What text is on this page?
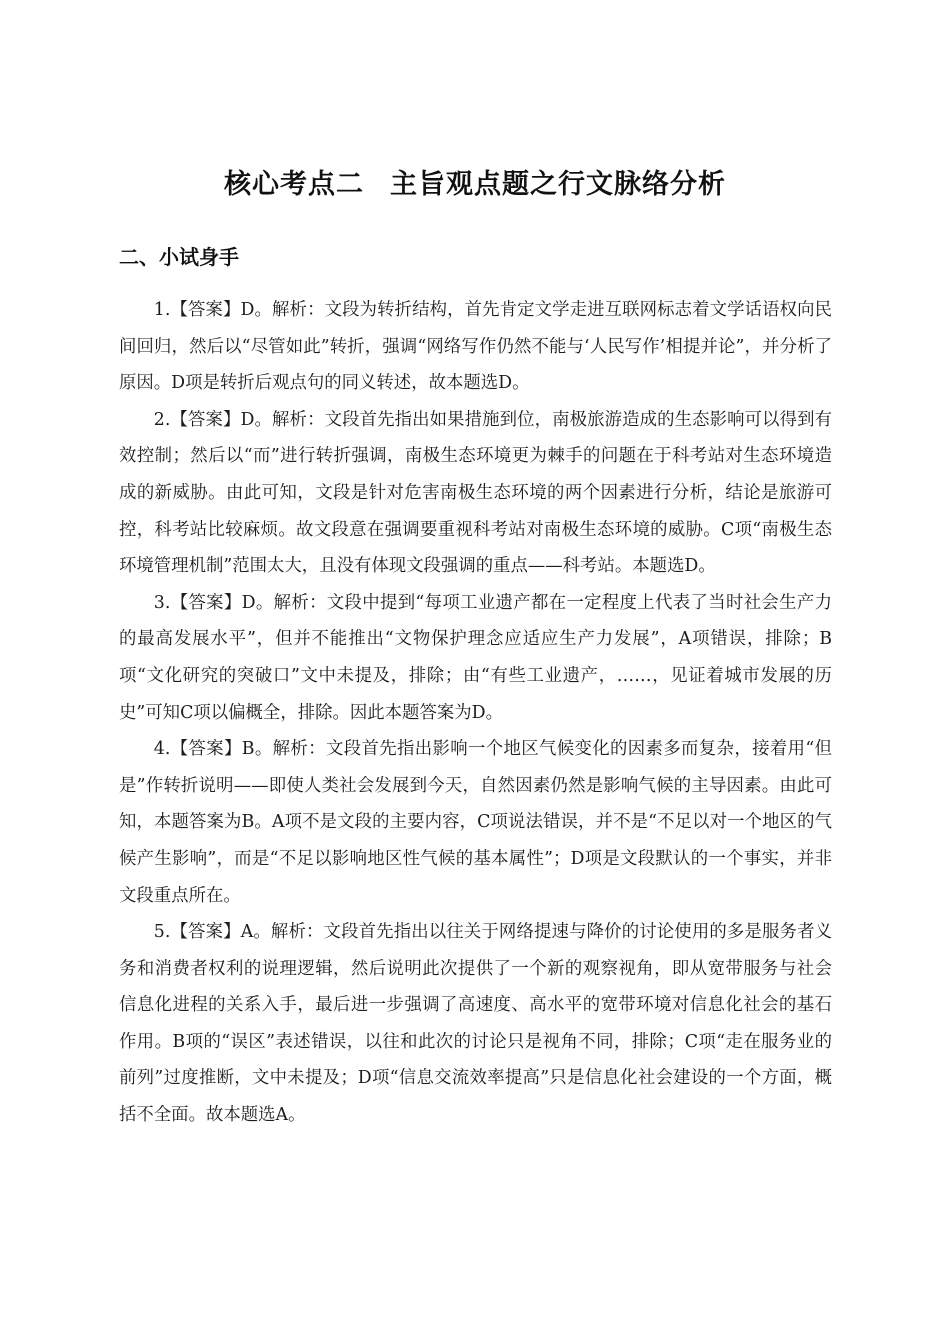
核心考点二 主旨观点题之行文脉络分析
二、小试身手

1.【答案】D。解析：文段为转折结构，首先肯定文学走进互联网标志着文学话语权向民间回归，然后以“尽管如此”转折，强调“网络写作仍然不能与‘人民写作’相提并论”，并分析了原因。D项是转折后观点句的同义转述，故本题选D。

2.【答案】D。解析：文段首先指出如果措施到位，南极旅游造成的生态影响可以得到有效控制；然后以“而”进行转折强调，南极生态环境更为棘手的问题在于科考站对生态环境造成的新威胁。由此可知，文段是针对危害南极生态环境的两个因素进行分析，结论是旅游可控，科考站比较麻烦。故文段意在强调要重视科考站对南极生态环境的威胁。C项“南极生态环境管理机制”范围太大，且没有体现文段强调的重点——科考站。本题选D。

3.【答案】D。解析：文段中提到“每项工业遗产都在一定程度上代表了当时社会生产力的最高发展水平”，但并不能推出“文物保护理念应适应生产力发展”，A项错误，排除；B项“文化研究的突破口”文中未提及，排除；由“有些工业遗产，……，见证着城市发展的历史”可知C项以偏概全，排除。因此本题答案为D。

4.【答案】B。解析：文段首先指出影响一个地区气候变化的因素多而复杂，接着用“但是”作转折说明——即使人类社会发展到今天，自然因素仍然是影响气候的主导因素。由此可知，本题答案为B。A项不是文段的主要内容，C项说法错误，并不是“不足以对一个地区的气候产生影响”，而是“不足以影响地区性气候的基本属性”；D项是文段默认的一个事实，并非文段重点所在。

5.【答案】A。解析：文段首先指出以往关于网络提速与降价的讨论使用的多是服务者义务和消费者权利的说理逻辑，然后说明此次提供了一个新的观察视角，即从宽带服务与社会信息化进程的关系入手，最后进一步强调了高速度、高水平的宽带环境对信息化社会的基石作用。B项的“误区”表述错误，以往和此次的讨论只是视角不同，排除；C项“走在服务业的前列”过度推断，文中未提及；D项“信息交流效率提高”只是信息化社会建设的一个方面，概括不全面。故本题选A。
